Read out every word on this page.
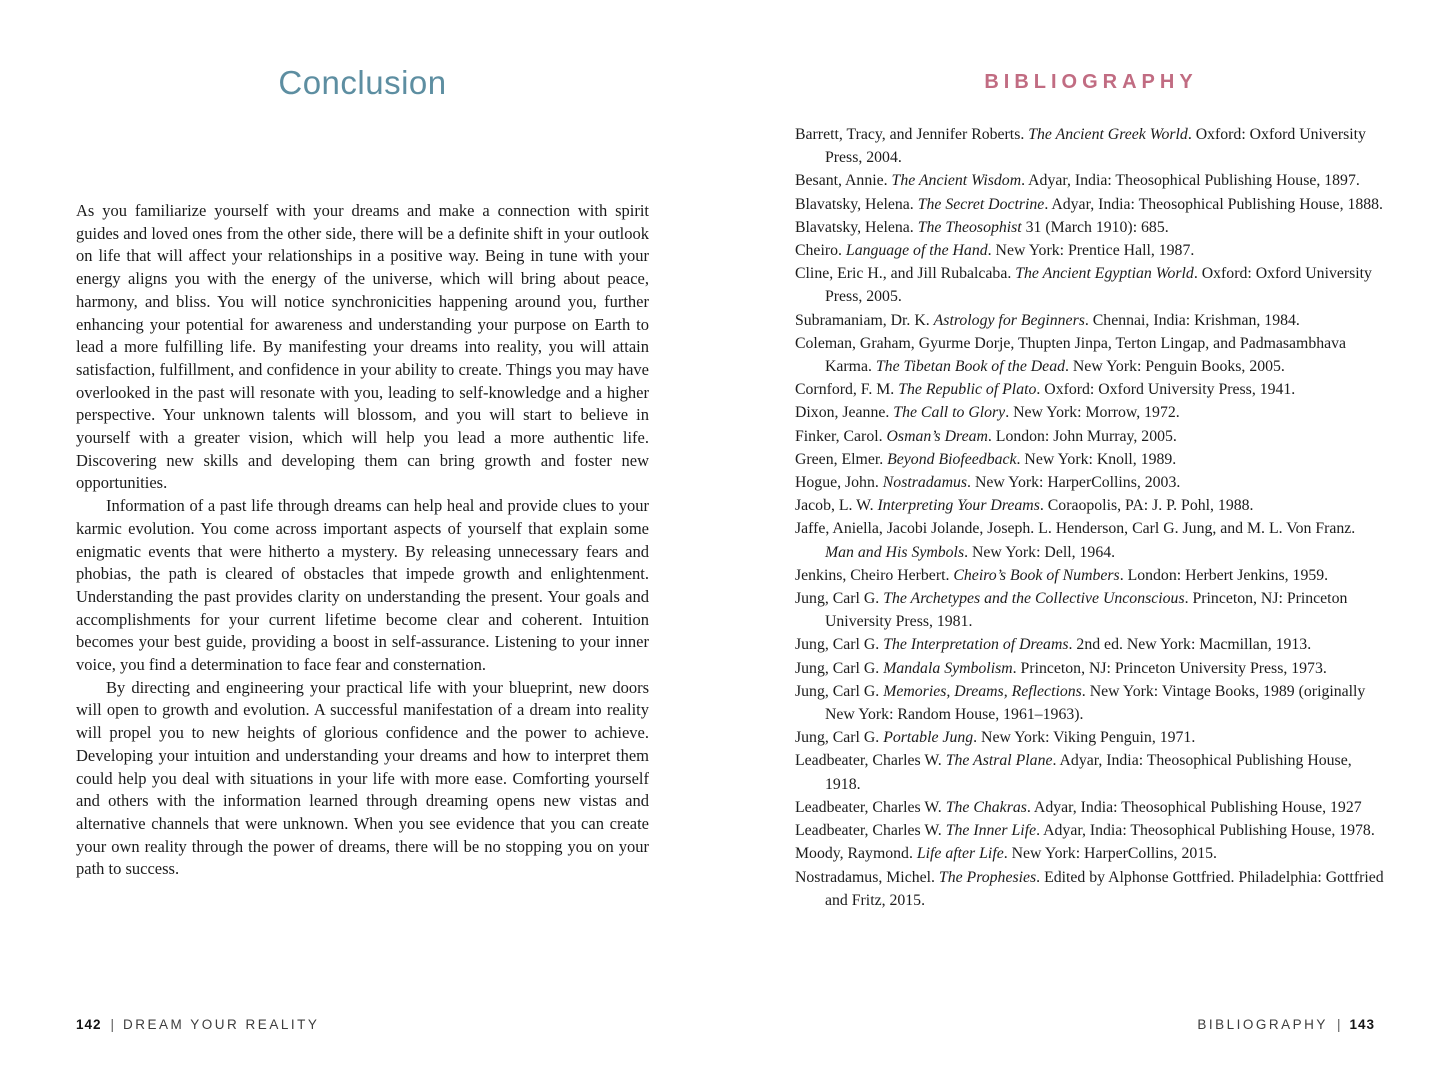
Conclusion

As you familiarize yourself with your dreams and make a connection with spirit guides and loved ones from the other side, there will be a definite shift in your outlook on life that will affect your relationships in a positive way. Being in tune with your energy aligns you with the energy of the universe, which will bring about peace, harmony, and bliss. You will notice synchronicities happening around you, further enhancing your potential for awareness and understanding your purpose on Earth to lead a more fulfilling life. By manifesting your dreams into reality, you will attain satisfaction, fulfillment, and confidence in your ability to create. Things you may have overlooked in the past will resonate with you, leading to self-knowledge and a higher perspective. Your unknown talents will blossom, and you will start to believe in yourself with a greater vision, which will help you lead a more authentic life. Discovering new skills and developing them can bring growth and foster new opportunities.

Information of a past life through dreams can help heal and provide clues to your karmic evolution. You come across important aspects of yourself that explain some enigmatic events that were hitherto a mystery. By releasing unnecessary fears and phobias, the path is cleared of obstacles that impede growth and enlightenment. Understanding the past provides clarity on understanding the present. Your goals and accomplishments for your current lifetime become clear and coherent. Intuition becomes your best guide, providing a boost in self-assurance. Listening to your inner voice, you find a determination to face fear and consternation.

By directing and engineering your practical life with your blueprint, new doors will open to growth and evolution. A successful manifestation of a dream into reality will propel you to new heights of glorious confidence and the power to achieve. Developing your intuition and understanding your dreams and how to interpret them could help you deal with situations in your life with more ease. Comforting yourself and others with the information learned through dreaming opens new vistas and alternative channels that were unknown. When you see evidence that you can create your own reality through the power of dreams, there will be no stopping you on your path to success.

BIBLIOGRAPHY

Barrett, Tracy, and Jennifer Roberts. The Ancient Greek World. Oxford: Oxford University Press, 2004.

Besant, Annie. The Ancient Wisdom. Adyar, India: Theosophical Publishing House, 1897.

Blavatsky, Helena. The Secret Doctrine. Adyar, India: Theosophical Publishing House, 1888.

Blavatsky, Helena. The Theosophist 31 (March 1910): 685.

Cheiro. Language of the Hand. New York: Prentice Hall, 1987.

Cline, Eric H., and Jill Rubalcaba. The Ancient Egyptian World. Oxford: Oxford University Press, 2005.

Subramaniam, Dr. K. Astrology for Beginners. Chennai, India: Krishman, 1984.

Coleman, Graham, Gyurme Dorje, Thupten Jinpa, Terton Lingap, and Padmasambhava Karma. The Tibetan Book of the Dead. New York: Penguin Books, 2005.

Cornford, F. M. The Republic of Plato. Oxford: Oxford University Press, 1941.

Dixon, Jeanne. The Call to Glory. New York: Morrow, 1972.

Finker, Carol. Osman’s Dream. London: John Murray, 2005.

Green, Elmer. Beyond Biofeedback. New York: Knoll, 1989.

Hogue, John. Nostradamus. New York: HarperCollins, 2003.

Jacob, L. W. Interpreting Your Dreams. Coraopolis, PA: J. P. Pohl, 1988.

Jaffe, Aniella, Jacobi Jolande, Joseph. L. Henderson, Carl G. Jung, and M. L. Von Franz. Man and His Symbols. New York: Dell, 1964.

Jenkins, Cheiro Herbert. Cheiro’s Book of Numbers. London: Herbert Jenkins, 1959.

Jung, Carl G. The Archetypes and the Collective Unconscious. Princeton, NJ: Princeton University Press, 1981.

Jung, Carl G. The Interpretation of Dreams. 2nd ed. New York: Macmillan, 1913.

Jung, Carl G. Mandala Symbolism. Princeton, NJ: Princeton University Press, 1973.

Jung, Carl G. Memories, Dreams, Reflections. New York: Vintage Books, 1989 (originally New York: Random House, 1961–1963).

Jung, Carl G. Portable Jung. New York: Viking Penguin, 1971.

Leadbeater, Charles W. The Astral Plane. Adyar, India: Theosophical Publishing House, 1918.

Leadbeater, Charles W. The Chakras. Adyar, India: Theosophical Publishing House, 1927

Leadbeater, Charles W. The Inner Life. Adyar, India: Theosophical Publishing House, 1978.

Moody, Raymond. Life after Life. New York: HarperCollins, 2015.

Nostradamus, Michel. The Prophesies. Edited by Alphonse Gottfried. Philadelphia: Gottfried and Fritz, 2015.

142 | DREAM YOUR REALITY	BIBLIOGRAPHY | 143
